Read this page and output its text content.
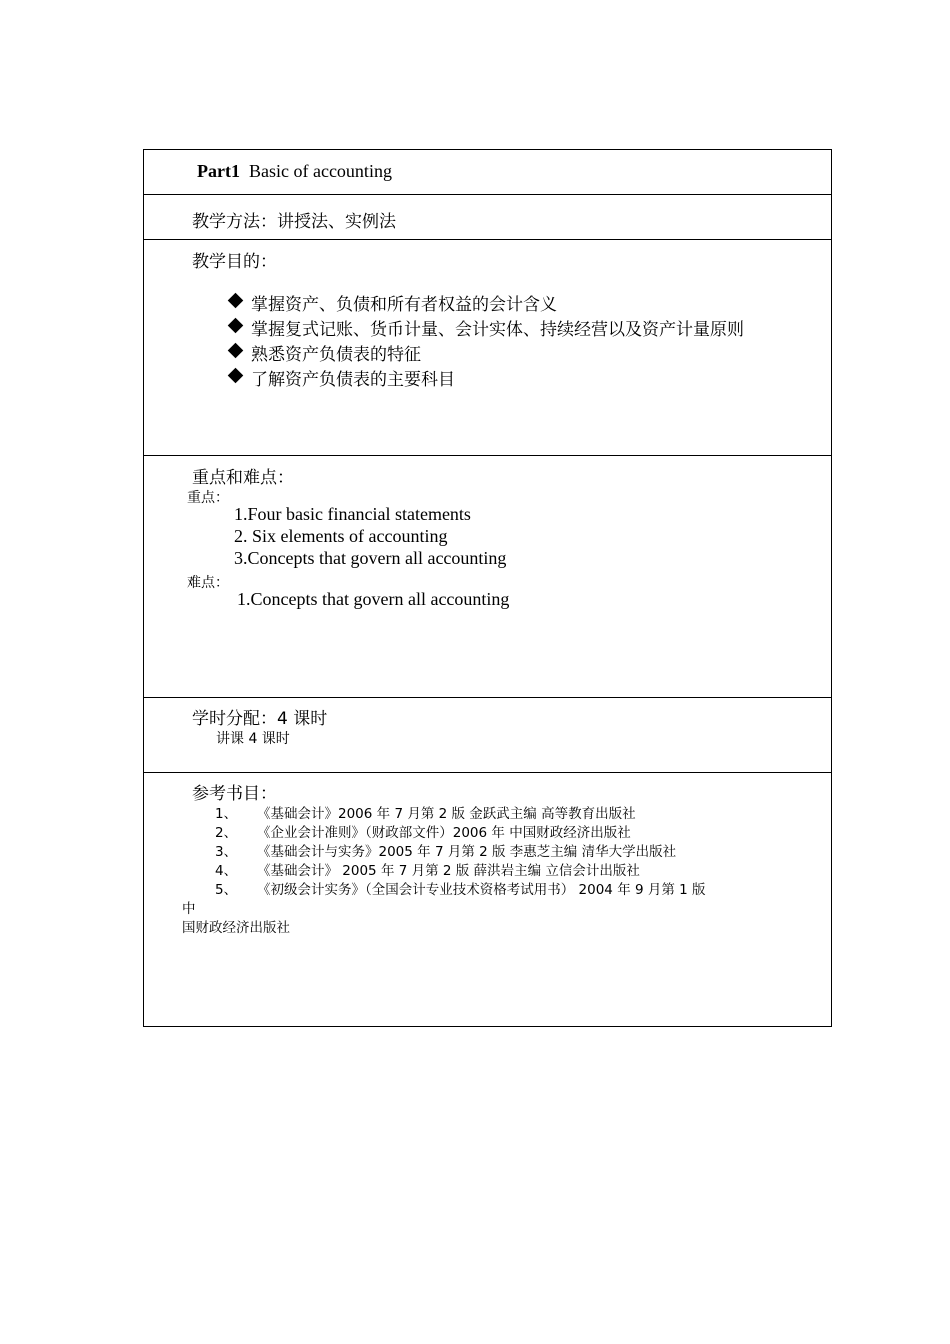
Part1 Basic of accounting
教学方法：讲授法、实例法
教学目的：
掌握资产、负债和所有者权益的会计含义
掌握复式记账、货币计量、会计实体、持续经营以及资产计量原则
熟悉资产负债表的特征
了解资产负债表的主要科目
重点和难点：
重点：
1.Four basic financial statements
2. Six elements of accounting
3.Concepts that govern all accounting
难点：
1.Concepts that govern all accounting
学时分配：4 课时
讲课 4 课时
参考书目：
1、 《基础会计》2006 年 7 月第 2 版 金跃武主编 高等教育出版社
2、 《企业会计准则》（财政部文件）2006 年 中国财政经济出版社
3、 《基础会计与实务》2005 年 7 月第 2 版 李惠芝主编 清华大学出版社
4、 《基础会计》 2005 年 7 月第 2 版 薛洪岩主编 立信会计出版社
5、 《初级会计实务》（全国会计专业技术资格考试用书） 2004 年 9 月第 1 版
中
国财政经济出版社
